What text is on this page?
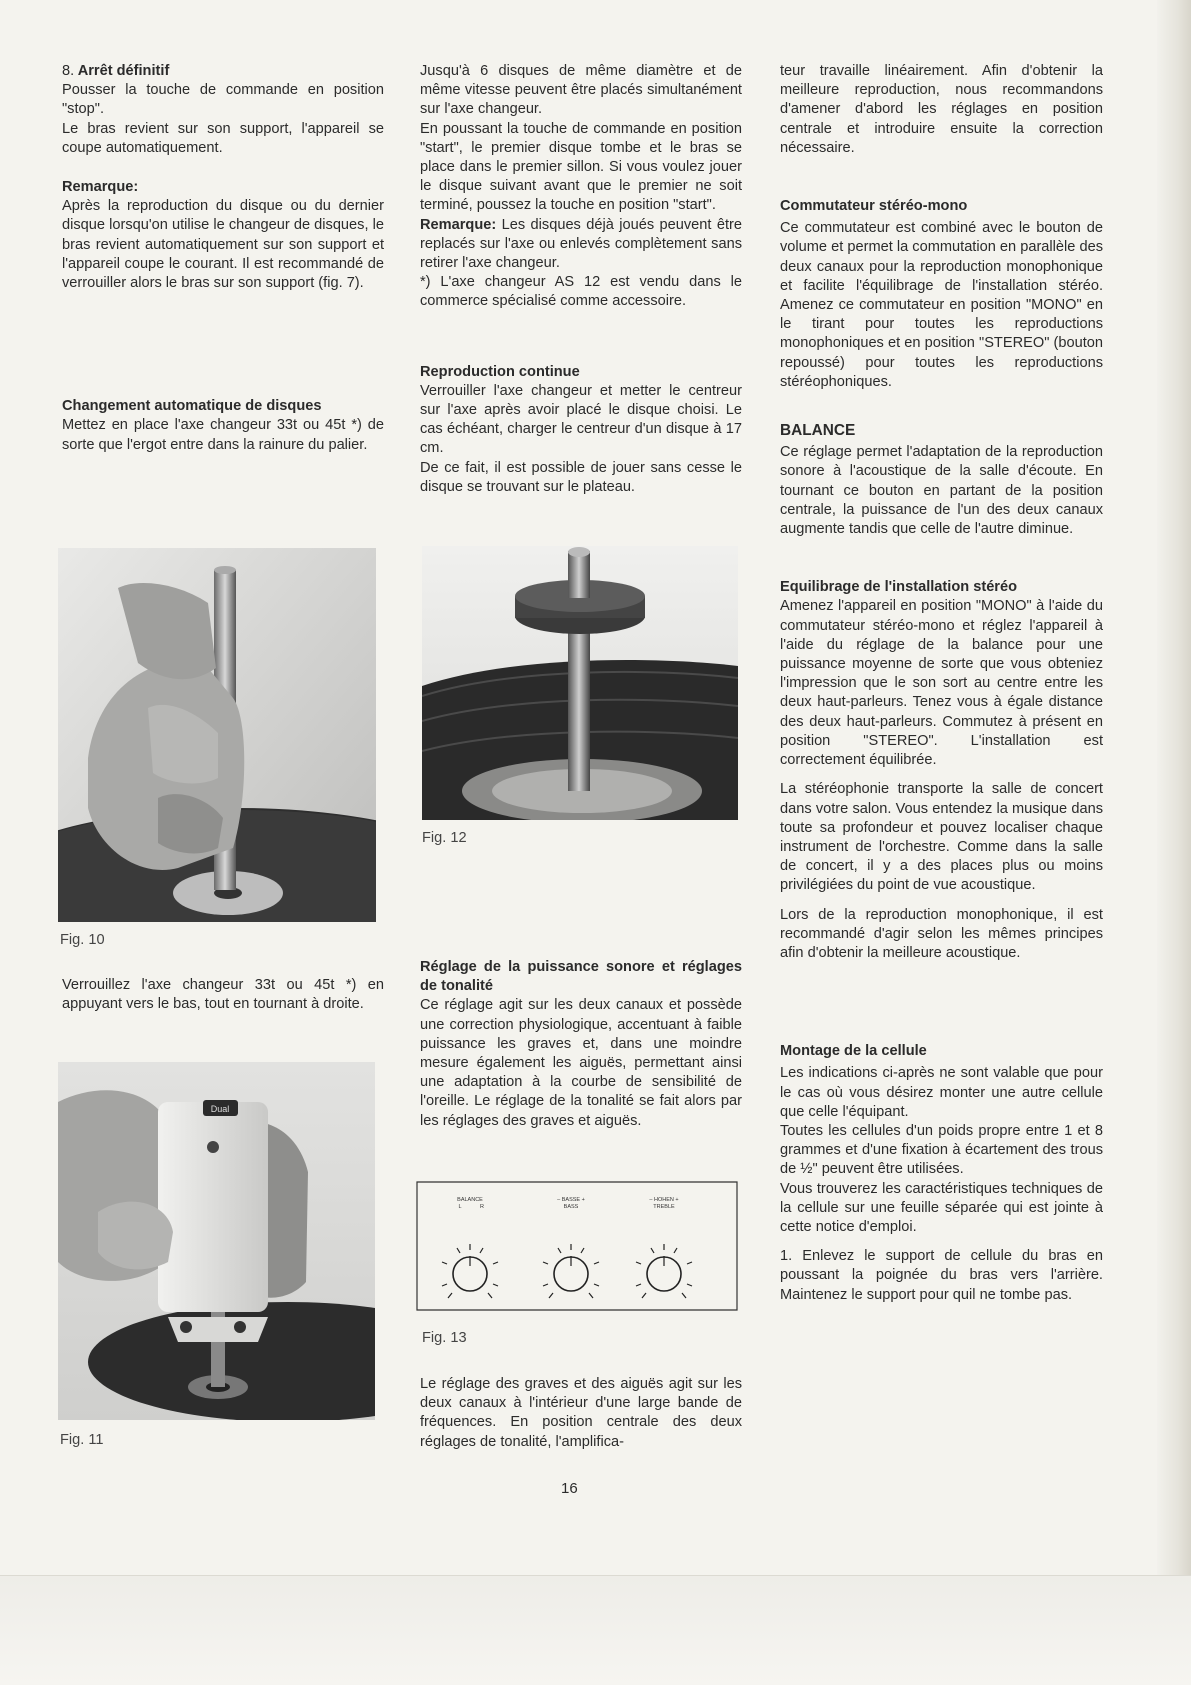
8. Arrêt définitif

Pousser la touche de commande en position "stop".

Le bras revient sur son support, l'appareil se coupe automatiquement.

Remarque:

Après la reproduction du disque ou du dernier disque lorsqu'on utilise le changeur de disques, le bras revient automatiquement sur son support et l'appareil coupe le courant. Il est recommandé de verrouiller alors le bras sur son support (fig. 7).

Changement automatique de disques

Mettez en place l'axe changeur 33t ou 45t *) de sorte que l'ergot entre dans la rainure du palier.

Fig. 10

Verrouillez l'axe changeur 33t ou 45t *) en appuyant vers le bas, tout en tournant à droite.

Dual
Fig. 11

Jusqu'à 6 disques de même diamètre et de même vitesse peuvent être placés simultanément sur l'axe changeur.

En poussant la touche de commande en position "start", le premier disque tombe et le bras se place dans le premier sillon. Si vous voulez jouer le disque suivant avant que le premier ne soit terminé, poussez la touche en position "start".

Remarque: Les disques déjà joués peuvent être replacés sur l'axe ou enlevés complètement sans retirer l'axe changeur.

*) L'axe changeur AS 12 est vendu dans le commerce spécialisé comme accessoire.

Reproduction continue

Verrouiller l'axe changeur et metter le centreur sur l'axe après avoir placé le disque choisi. Le cas échéant, charger le centreur d'un disque à 17 cm.

De ce fait, il est possible de jouer sans cesse le disque se trouvant sur le plateau.

Fig. 12

Réglage de la puissance sonore et réglages de tonalité

Ce réglage agit sur les deux canaux et possède une correction physiologique, accentuant à faible puissance les graves et, dans une moindre mesure également les aiguës, permettant ainsi une adaptation à la courbe de sensibilité de l'oreille. Le réglage de la tonalité se fait alors par les réglages des graves et aiguës.

BALANCE
L	R
– BASSE +
BASS
– HOHEN +
TREBLE
Fig. 13

Le réglage des graves et des aiguës agit sur les deux canaux à l'intérieur d'une large bande de fréquences. En position centrale des deux réglages de tonalité, l'amplifica-

teur travaille linéairement. Afin d'obtenir la meilleure reproduction, nous recommandons d'amener d'abord les réglages en position centrale et introduire ensuite la correction nécessaire.

Commutateur stéréo-mono

Ce commutateur est combiné avec le bouton de volume et permet la commutation en parallèle des deux canaux pour la reproduction monophonique et facilite l'équilibrage de l'installation stéréo. Amenez ce commutateur en position "MONO" en le tirant pour toutes les reproductions monophoniques et en position "STEREO" (bouton repoussé) pour toutes les reproductions stéréophoniques.

BALANCE

Ce réglage permet l'adaptation de la reproduction sonore à l'acoustique de la salle d'écoute. En tournant ce bouton en partant de la position centrale, la puissance de l'un des deux canaux augmente tandis que celle de l'autre diminue.

Equilibrage de l'installation stéréo

Amenez l'appareil en position "MONO" à l'aide du commutateur stéréo-mono et réglez l'appareil à l'aide du réglage de la balance pour une puissance moyenne de sorte que vous obteniez l'impression que le son sort au centre entre les deux haut-parleurs. Tenez vous à égale distance des deux haut-parleurs. Commutez à présent en position "STEREO". L'installation est correctement équilibrée.

La stéréophonie transporte la salle de concert dans votre salon. Vous entendez la musique dans toute sa profondeur et pouvez localiser chaque instrument de l'orchestre. Comme dans la salle de concert, il y a des places plus ou moins privilégiées du point de vue acoustique.

Lors de la reproduction monophonique, il est recommandé d'agir selon les mêmes principes afin d'obtenir la meilleure acoustique.

Montage de la cellule

Les indications ci-après ne sont valable que pour le cas où vous désirez monter une autre cellule que celle l'équipant.

Toutes les cellules d'un poids propre entre 1 et 8 grammes et d'une fixation à écartement des trous de ½" peuvent être utilisées.

Vous trouverez les caractéristiques techniques de la cellule sur une feuille séparée qui est jointe à cette notice d'emploi.

1. Enlevez le support de cellule du bras en poussant la poignée du bras vers l'arrière. Maintenez le support pour quil ne tombe pas.

16
